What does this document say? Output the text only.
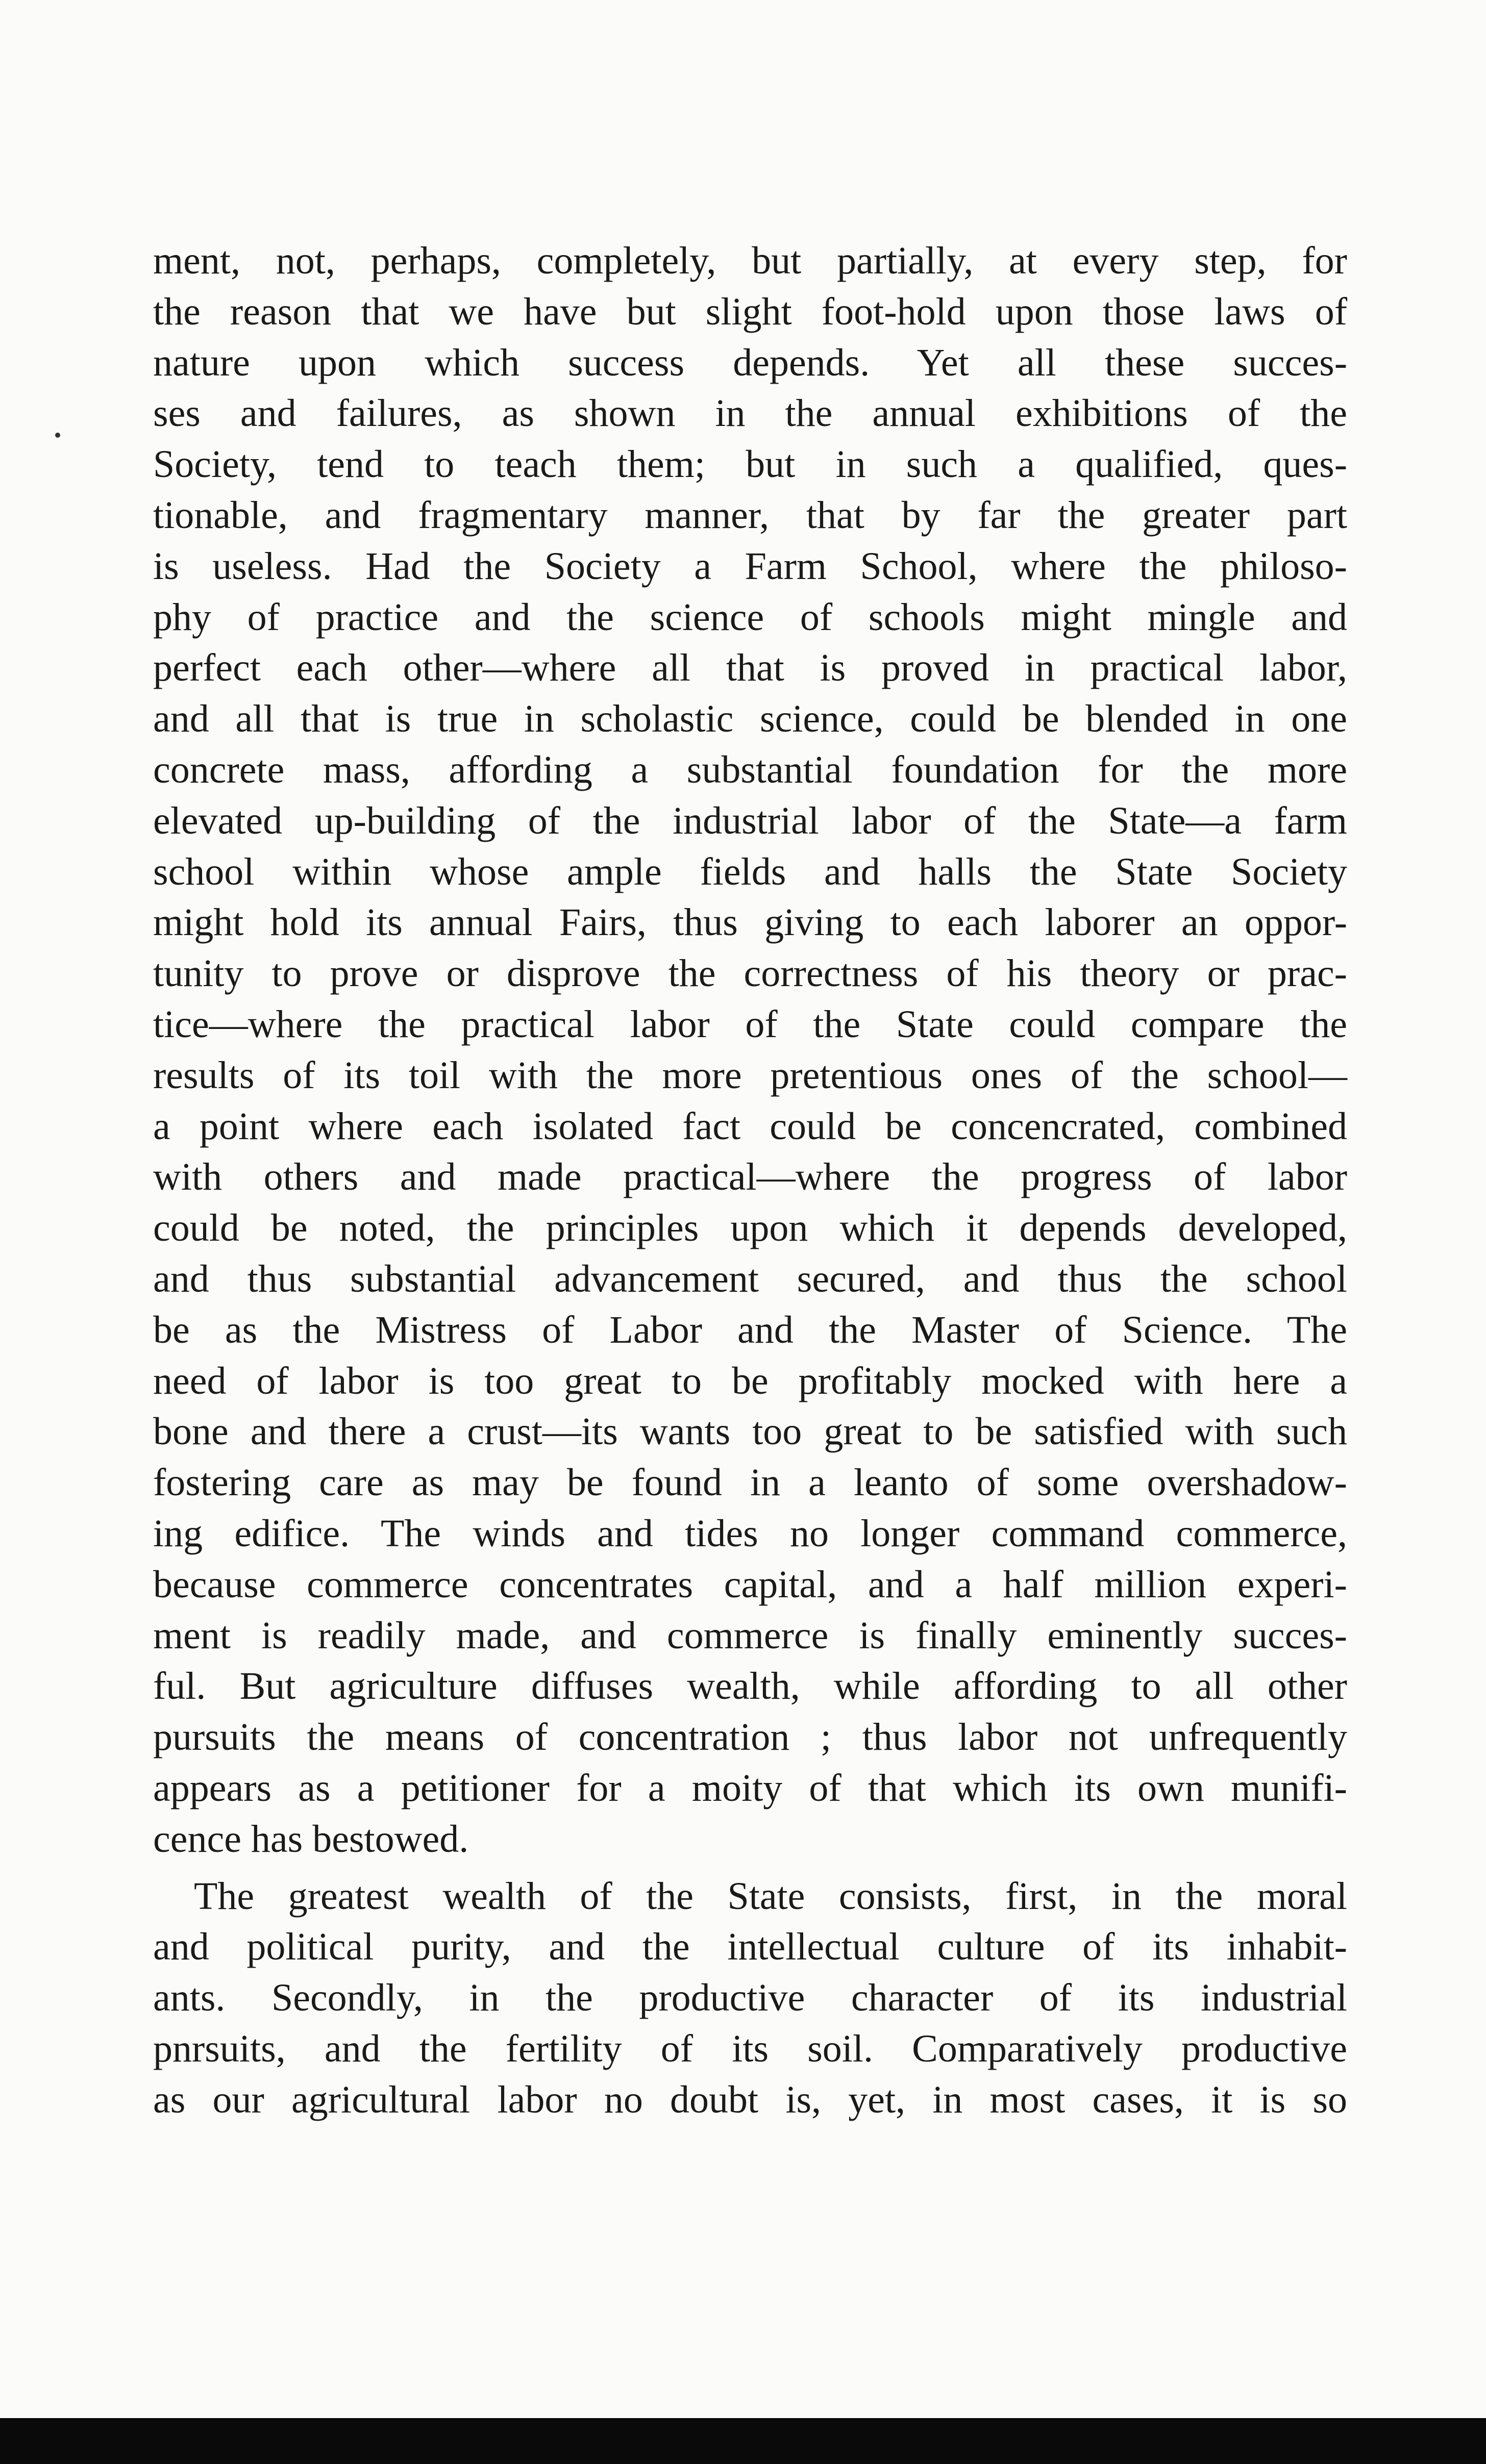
ment, not, perhaps, completely, but partially, at every step, for
the reason that we have but slight foot-hold upon those laws of
nature upon which success depends. Yet all these succes-
ses and failures, as shown in the annual exhibitions of the
Society, tend to teach them; but in such a qualified, ques-
tionable, and fragmentary manner, that by far the greater part
is useless. Had the Society a Farm School, where the philoso-
phy of practice and the science of schools might mingle and
perfect each other—where all that is proved in practical labor,
and all that is true in scholastic science, could be blended in one
concrete mass, affording a substantial foundation for the more
elevated up-building of the industrial labor of the State—a farm
school within whose ample fields and halls the State Society
might hold its annual Fairs, thus giving to each laborer an oppor-
tunity to prove or disprove the correctness of his theory or prac-
tice—where the practical labor of the State could compare the
results of its toil with the more pretentious ones of the school—
a point where each isolated fact could be concencrated, combined
with others and made practical—where the progress of labor
could be noted, the principles upon which it depends developed,
and thus substantial advancement secured, and thus the school
be as the Mistress of Labor and the Master of Science. The
need of labor is too great to be profitably mocked with here a
bone and there a crust—its wants too great to be satisfied with such
fostering care as may be found in a leanto of some overshadow-
ing edifice. The winds and tides no longer command commerce,
because commerce concentrates capital, and a half million experi-
ment is readily made, and commerce is finally eminently succes-
ful. But agriculture diffuses wealth, while affording to all other
pursuits the means of concentration ; thus labor not unfrequently
appears as a petitioner for a moity of that which its own munifi-
cence has bestowed.
The greatest wealth of the State consists, first, in the moral
and political purity, and the intellectual culture of its inhabit-
ants. Secondly, in the productive character of its industrial
pnrsuits, and the fertility of its soil. Comparatively productive
as our agricultural labor no doubt is, yet, in most cases, it is so
